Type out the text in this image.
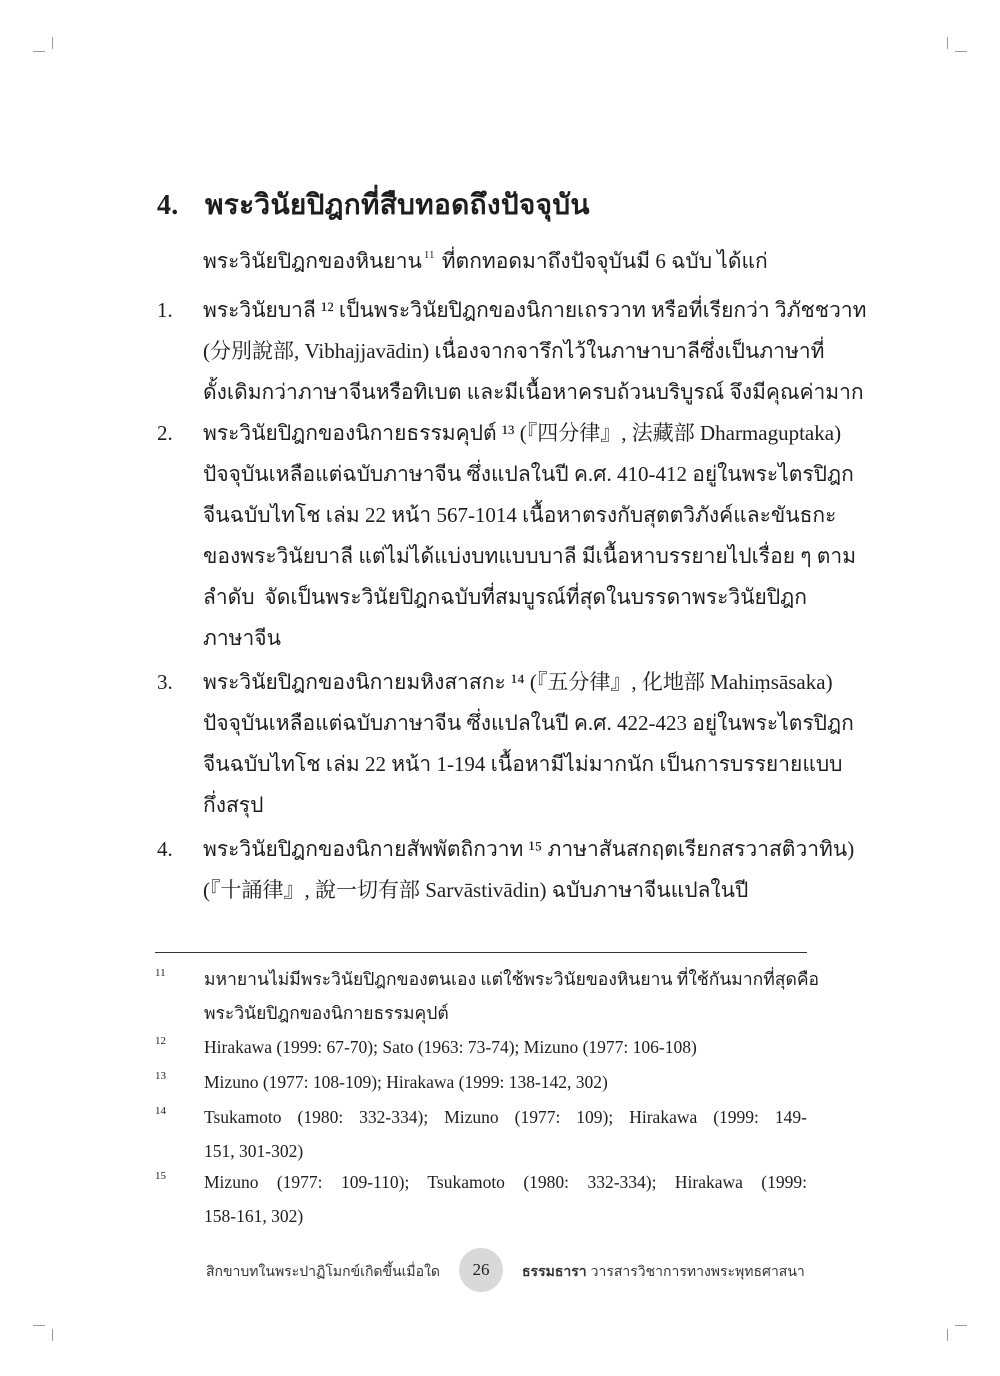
4. พระวินัยปิฎกที่สืบทอดถึงปัจจุบัน
พระวินัยปิฎกของหินยาน $^{11}$ ที่ตกทอดมาถึงปัจจุบันมี 6 ฉบับ ได้แก่
1. พระวินัยบาลี ¹² เป็นพระวินัยปิฎกของนิกายเถรวาท หรือที่เรียกว่า วิภัชชวาท
(分別說部, Vibhajjavādin) เนื่องจากจารึกไว้ในภาษาบาลีซึ่งเป็นภาษาที่
ดั้งเดิมกว่าภาษาจีนหรือทิเบต และมีเนื้อหาครบถ้วนบริบูรณ์ จึงมีคุณค่ามาก
2. พระวินัยปิฎกของนิกายธรรมคุปต์ ¹³ (『四分律』, 法藏部 Dharmaguptaka)
ปัจจุบันเหลือแต่ฉบับภาษาจีน ซึ่งแปลในปี ค.ศ. 410-412 อยู่ในพระไตรปิฎก
จีนฉบับไทโช เล่ม 22 หน้า 567-1014 เนื้อหาตรงกับสุตตวิภังค์และขันธกะ
ของพระวินัยบาลี แต่ไม่ได้แบ่งบทแบบบาลี มีเนื้อหาบรรยายไปเรื่อย ๆ ตาม
ลำดับ จัดเป็นพระวินัยปิฎกฉบับที่สมบูรณ์ที่สุดในบรรดาพระวินัยปิฎก
ภาษาจีน
3. พระวินัยปิฎกของนิกายมหิงสาสกะ ¹⁴ (『五分律』, 化地部 Mahiṃsāsaka)
ปัจจุบันเหลือแต่ฉบับภาษาจีน ซึ่งแปลในปี ค.ศ. 422-423 อยู่ในพระไตรปิฎก
จีนฉบับไทโช เล่ม 22 หน้า 1-194 เนื้อหามีไม่มากนัก เป็นการบรรยายแบบ
กึ่งสรุป
4. พระวินัยปิฎกของนิกายสัพพัตถิกวาท ¹⁵ ภาษาสันสกฤตเรียกสรวาสติวาทิน)
(『十誦律』, 說一切有部 Sarvāstivādin) ฉบับภาษาจีนแปลในปี
11 มหายานไม่มีพระวินัยปิฎกของตนเอง แต่ใช้พระวินัยของหินยาน ที่ใช้กันมากที่สุดคือ
พระวินัยปิฎกของนิกายธรรมคุปต์
12 Hirakawa (1999: 67-70); Sato (1963: 73-74); Mizuno (1977: 106-108)
13 Mizuno (1977: 108-109); Hirakawa (1999: 138-142, 302)
14 Tsukamoto (1980: 332-334); Mizuno (1977: 109); Hirakawa (1999: 149-
151, 301-302)
15 Mizuno (1977: 109-110); Tsukamoto (1980: 332-334); Hirakawa (1999:
158-161, 302)
สิกขาบทในพระปาฏิโมกข์เกิดขึ้นเมื่อใด	26	ธรรมธารา วารสารวิชาการทางพระพุทธศาสนา
